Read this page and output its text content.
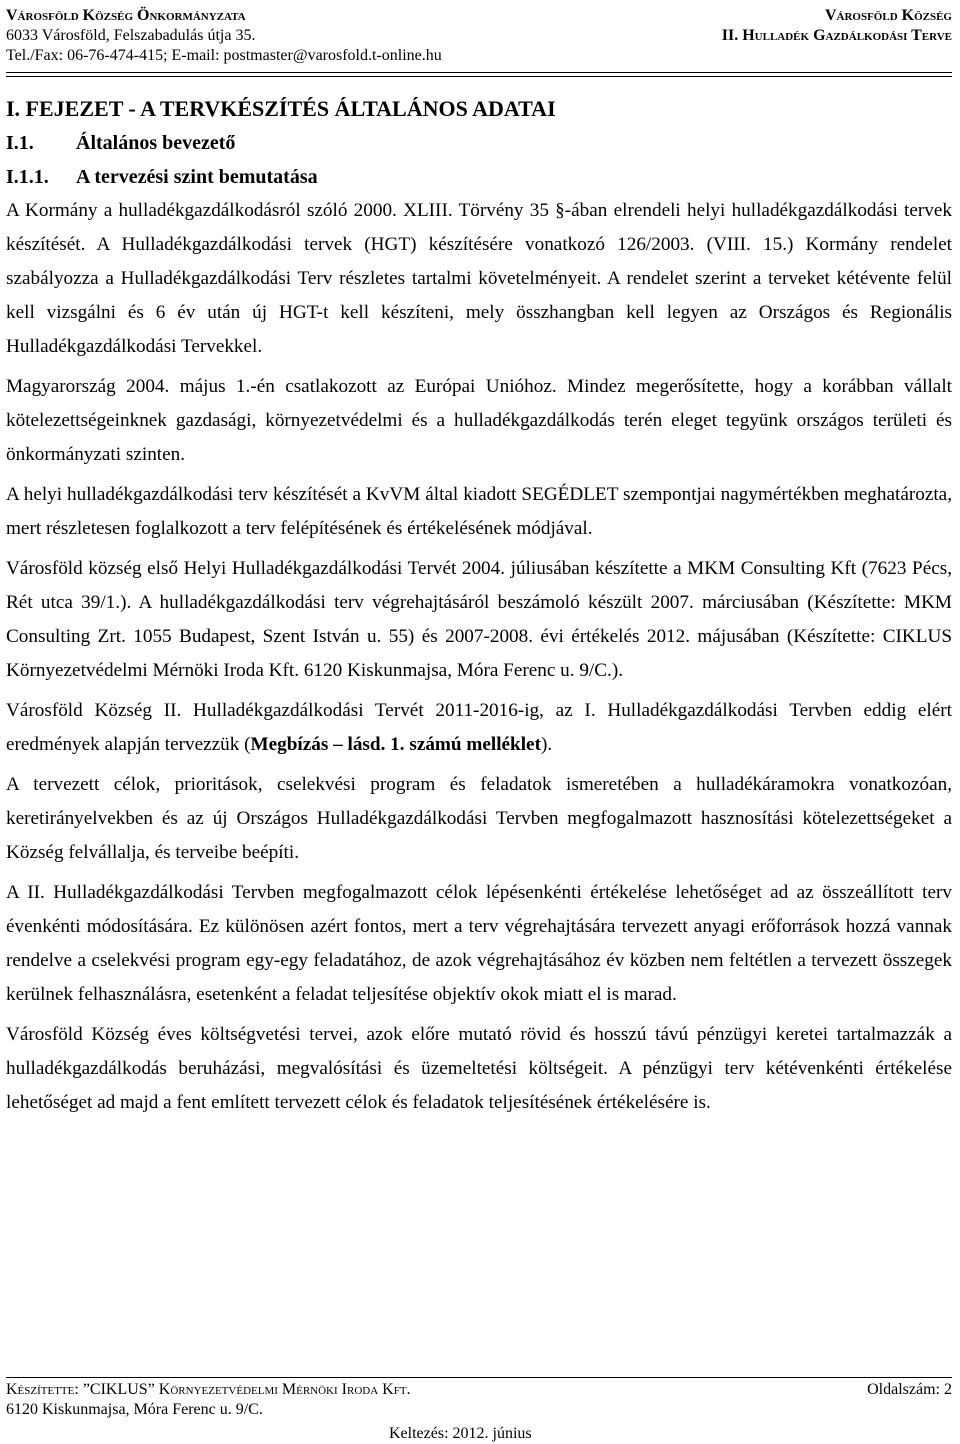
Városföld Község Önkormányzata
6033 Városföld, Felszabadulás útja 35.
Tel./Fax: 06-76-474-415; E-mail: postmaster@varosfold.t-online.hu
Városföld Község
II. Hulladék Gazdálkodási Terve
I. FEJEZET - A TERVKÉSZÍTÉS ÁLTALÁNOS ADATAI
I.1.	Általános bevezető
I.1.1.	A tervezési szint bemutatása

A Kormány a hulladékgazdálkodásról szóló 2000. XLIII. Törvény 35 §-ában elrendeli helyi hulladékgazdálkodási tervek készítését. A Hulladékgazdálkodási tervek (HGT) készítésére vonatkozó 126/2003. (VIII. 15.) Kormány rendelet szabályozza a Hulladékgazdálkodási Terv részletes tartalmi követelményeit. A rendelet szerint a terveket kétévente felül kell vizsgálni és 6 év után új HGT-t kell készíteni, mely összhangban kell legyen az Országos és Regionális Hulladékgazdálkodási Tervekkel.

Magyarország 2004. május 1.-én csatlakozott az Európai Unióhoz. Mindez megerősítette, hogy a korábban vállalt kötelezettségeinknek gazdasági, környezetvédelmi és a hulladékgazdálkodás terén eleget tegyünk országos területi és önkormányzati szinten.

A helyi hulladékgazdálkodási terv készítését a KvVM által kiadott SEGÉDLET szempontjai nagymértékben meghatározta, mert részletesen foglalkozott a terv felépítésének és értékelésének módjával.

Városföld község első Helyi Hulladékgazdálkodási Tervét 2004. júliusában készítette a MKM Consulting Kft (7623 Pécs, Rét utca 39/1.). A hulladékgazdálkodási terv végrehajtásáról beszámoló készült 2007. márciusában (Készítette: MKM Consulting Zrt. 1055 Budapest, Szent István u. 55) és 2007-2008. évi értékelés 2012. májusában (Készítette: CIKLUS Környezetvédelmi Mérnöki Iroda Kft. 6120 Kiskunmajsa, Móra Ferenc u. 9/C.).

Városföld Község II. Hulladékgazdálkodási Tervét 2011-2016-ig, az I. Hulladékgazdálkodási Tervben eddig elért eredmények alapján tervezzük (Megbízás – lásd. 1. számú melléklet).

A tervezett célok, prioritások, cselekvési program és feladatok ismeretében a hulladékáramokra vonatkozóan, keretirányelvekben és az új Országos Hulladékgazdálkodási Tervben megfogalmazott hasznosítási kötelezettségeket a Község felvállalja, és terveibe beépíti.

A II. Hulladékgazdálkodási Tervben megfogalmazott célok lépésenkénti értékelése lehetőséget ad az összeállított terv évenkénti módosítására. Ez különösen azért fontos, mert a terv végrehajtására tervezett anyagi erőforrások hozzá vannak rendelve a cselekvési program egy-egy feladatához, de azok végrehajtásához év közben nem feltétlen a tervezett összegek kerülnek felhasználásra, esetenként a feladat teljesítése objektív okok miatt el is marad.

Városföld Község éves költségvetési tervei, azok előre mutató rövid és hosszú távú pénzügyi keretei tartalmazzák a hulladékgazdálkodás beruházási, megvalósítási és üzemeltetési költségeit. A pénzügyi terv kétévenkénti értékelése lehetőséget ad majd a fent említett tervezett célok és feladatok teljesítésének értékelésére is.

Készítette: ”CIKLUS” Környezetvédelmi Mérnöki Iroda Kft.
6120 Kiskunmajsa, Móra Ferenc u. 9/C.
Oldalszám: 2
Keltezés: 2012. június
